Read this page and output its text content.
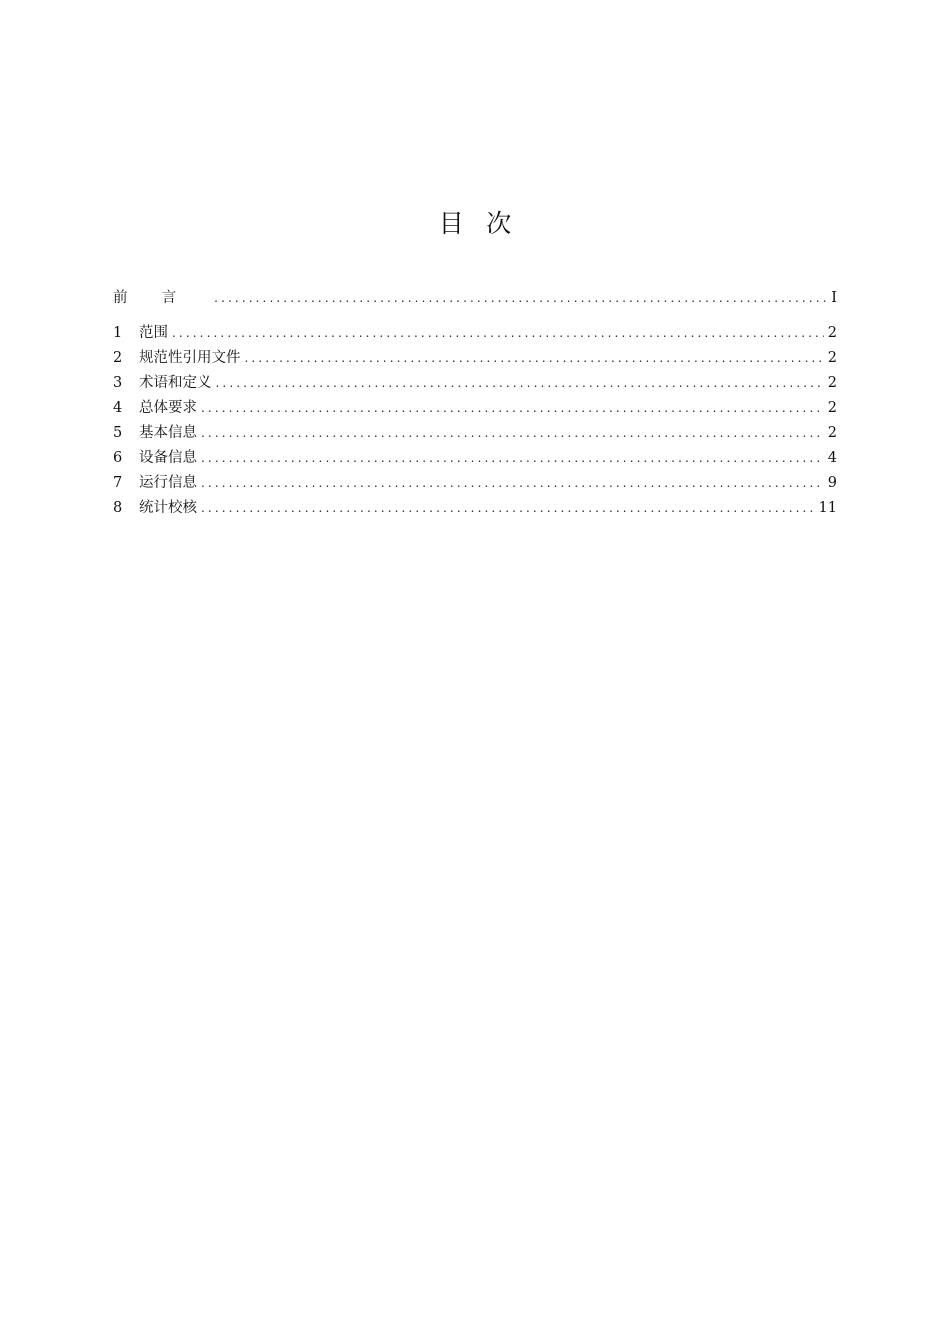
目次
前言 .....	I
1	范围 .....	2
2	规范性引用文件 .....	2
3	术语和定义 .....	2
4	总体要求 .....	2
5	基本信息 .....	2
6	设备信息 .....	4
7	运行信息 .....	9
8	统计校核 .....	11
